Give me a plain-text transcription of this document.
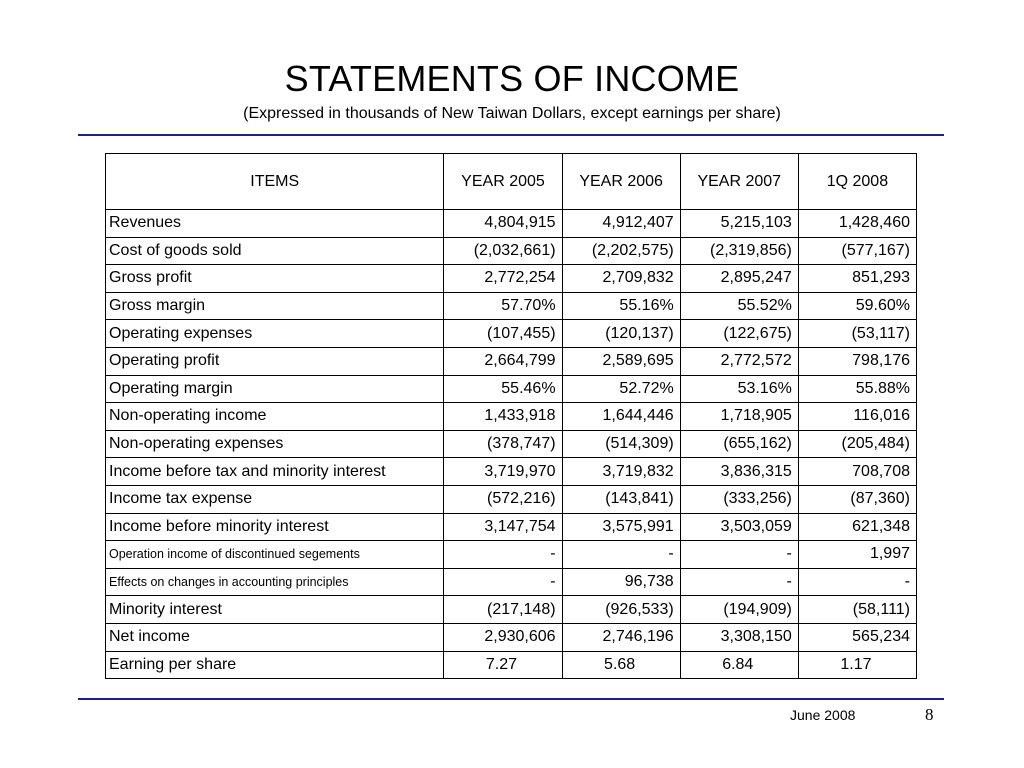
STATEMENTS OF INCOME
(Expressed in thousands of New Taiwan Dollars, except earnings per share)
ITEMS	YEAR 2005	YEAR 2006	YEAR 2007	1Q 2008
Revenues	4,804,915	4,912,407	5,215,103	1,428,460
Cost of goods sold	(2,032,661)	(2,202,575)	(2,319,856)	(577,167)
Gross profit	2,772,254	2,709,832	2,895,247	851,293
Gross margin	57.70%	55.16%	55.52%	59.60%
Operating expenses	(107,455)	(120,137)	(122,675)	(53,117)
Operating profit	2,664,799	2,589,695	2,772,572	798,176
Operating margin	55.46%	52.72%	53.16%	55.88%
Non-operating income	1,433,918	1,644,446	1,718,905	116,016
Non-operating expenses	(378,747)	(514,309)	(655,162)	(205,484)
Income before tax and minority interest	3,719,970	3,719,832	3,836,315	708,708
Income tax expense	(572,216)	(143,841)	(333,256)	(87,360)
Income before minority interest	3,147,754	3,575,991	3,503,059	621,348
Operation income of discontinued segements	-	-	-	1,997
Effects on changes in accounting principles	-	96,738	-	-
Minority interest	(217,148)	(926,533)	(194,909)	(58,111)
Net income	2,930,606	2,746,196	3,308,150	565,234
Earning per share	7.27	5.68	6.84	1.17
June 2008	8
